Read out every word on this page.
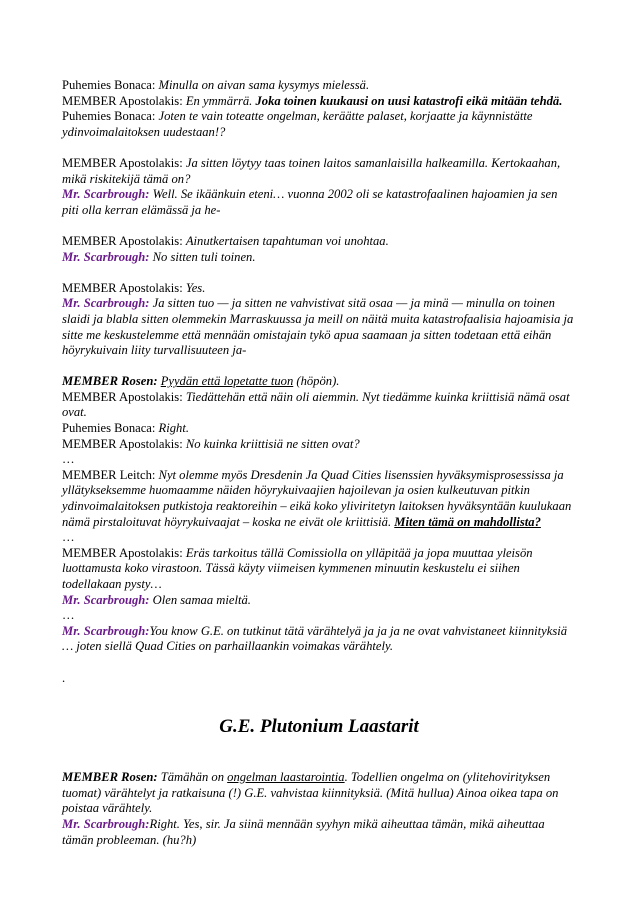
Puhemies Bonaca: Minulla on aivan sama kysymys mielessä.

MEMBER Apostolakis: En ymmärrä. Joka toinen kuukausi on uusi katastrofi eikä mitään tehdä.

Puhemies Bonaca: Joten te vain toteatte ongelman, keräätte palaset, korjaatte ja käynnistätte ydinvoimalaitoksen uudestaan!?

MEMBER Apostolakis: Ja sitten löytyy taas toinen laitos samanlaisilla halkeamilla. Kertokaahan, mikä riskitekijä tämä on?

Mr. Scarbrough: Well. Se ikäänkuin eteni… vuonna 2002 oli se katastrofaalinen hajoamien ja sen piti olla kerran elämässä ja he-

MEMBER Apostolakis: Ainutkertaisen tapahtuman voi unohtaa.

Mr. Scarbrough: No sitten tuli toinen.

MEMBER Apostolakis: Yes.

Mr. Scarbrough: Ja sitten tuo — ja sitten ne vahvistivat sitä osaa — ja minä — minulla on toinen slaidi ja blabla sitten olemmekin Marraskuussa ja meill on näitä muita katastrofaalisia hajoamisia ja sitte me keskustelemme että mennään omistajain tykö apua saamaan ja sitten todetaan että eihän höyrykuivain liity turvallisuuteen ja-

MEMBER Rosen: Pyydän että lopetatte tuon (höpön).

MEMBER Apostolakis: Tiedättehän että näin oli aiemmin. Nyt tiedämme kuinka kriittisiä nämä osat ovat.

Puhemies Bonaca: Right.

MEMBER Apostolakis: No kuinka kriittisiä ne sitten ovat?

…

MEMBER Leitch: Nyt olemme myös Dresdenin Ja Quad Cities lisenssien hyväksymisprosessissa ja yllätykseksemme huomaamme näiden höyrykuivaajien hajoilevan ja osien kulkeutuvan pitkin ydinvoimalaitoksen putkistoja reaktoreihin – eikä koko yliviritetyn laitoksen hyväksyntään kuulukaan nämä pirstaloituvat höyrykuivaajat – koska ne eivät ole kriittisiä. Miten tämä on mahdollista?

…

MEMBER Apostolakis: Eräs tarkoitus tällä Comissiolla on ylläpitää ja jopa muuttaa yleisön luottamusta koko virastoon. Tässä käyty viimeisen kymmenen minuutin keskustelu ei siihen todellakaan pysty…

Mr. Scarbrough: Olen samaa mieltä.

…

Mr. Scarbrough:You know G.E. on tutkinut tätä värähtelyä ja ja ja ne ovat vahvistaneet kiinnityksiä … joten siellä Quad Cities on parhaillaankin voimakas värähtely.

.

G.E. Plutonium Laastarit

MEMBER Rosen: Tämähän on ongelman laastarointia. Todellien ongelma on (ylitehovirityksen tuomat) värähtelyt ja ratkaisuna (!) G.E. vahvistaa kiinnityksiä. (Mitä hullua) Ainoa oikea tapa on poistaa värähtely.

Mr. Scarbrough:Right. Yes, sir. Ja siinä mennään syyhyn mikä aiheuttaa tämän, mikä aiheuttaa tämän probleeman. (hu?h)
